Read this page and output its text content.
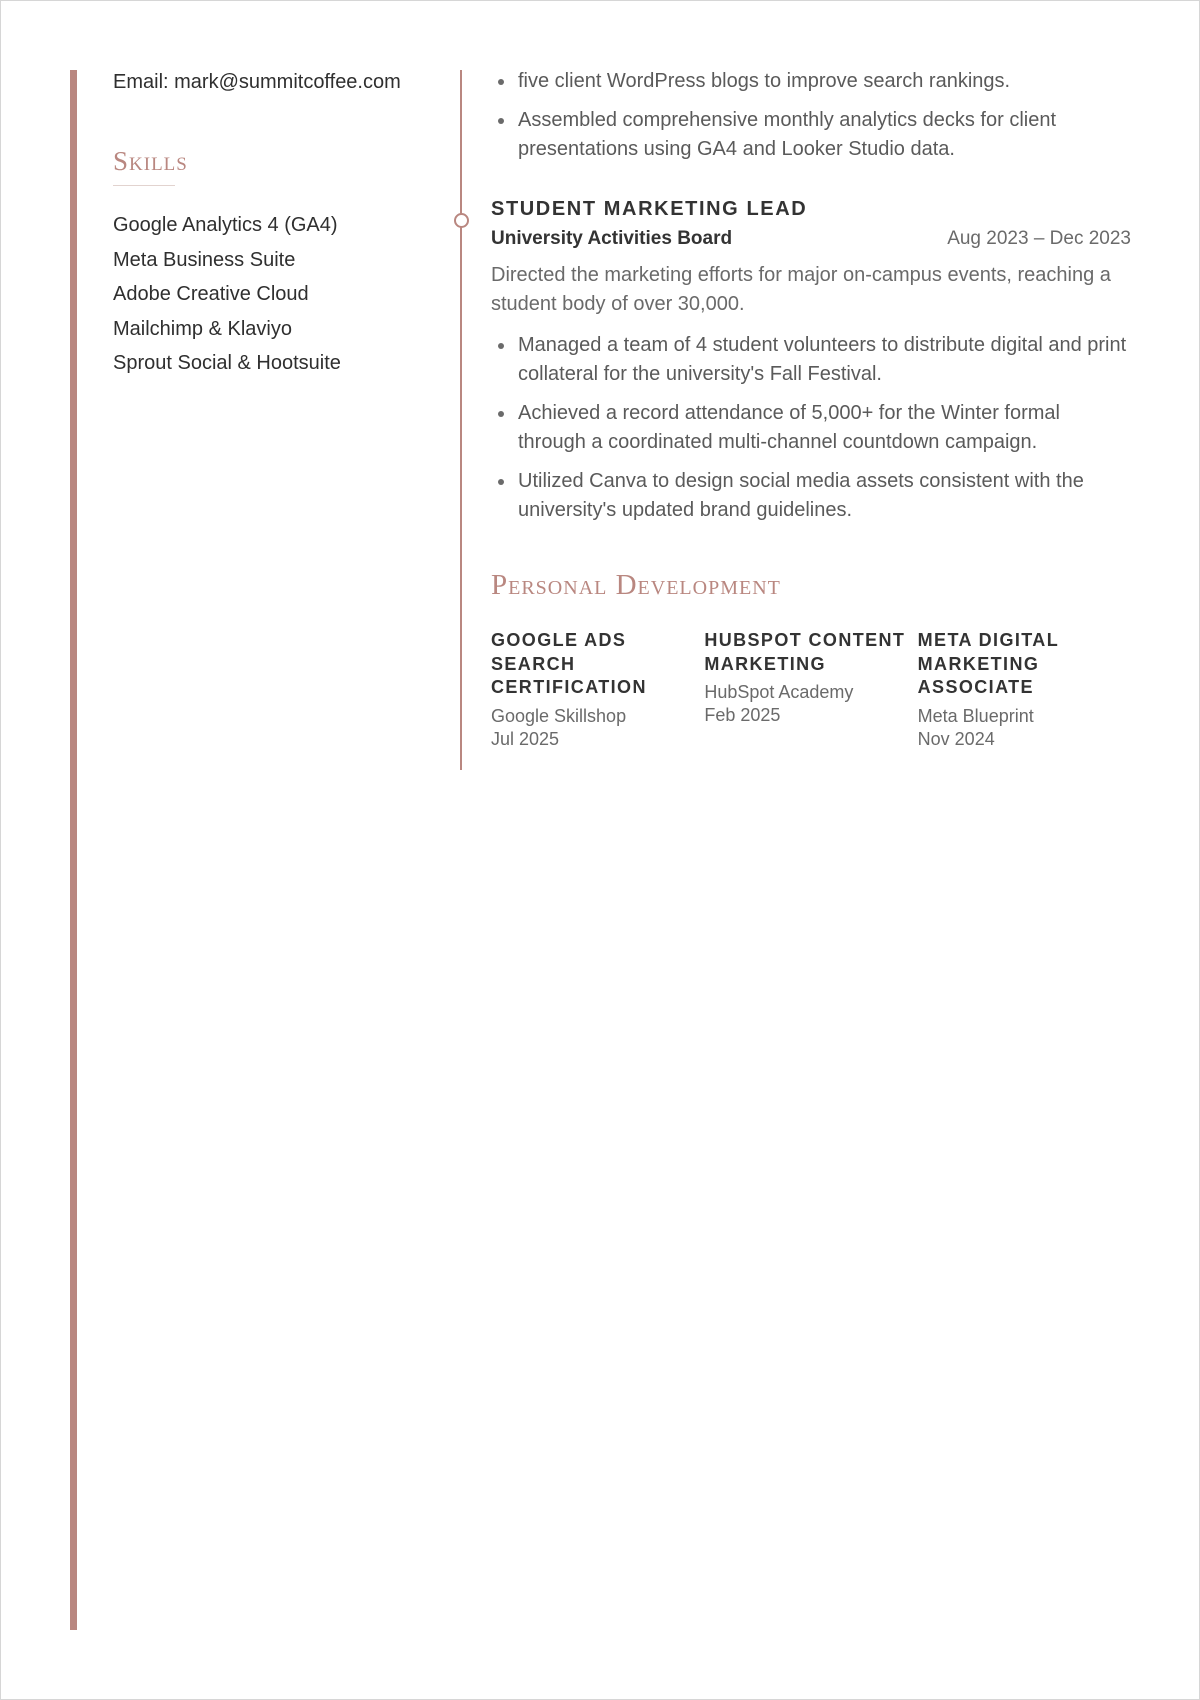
Email: mark@summitcoffee.com
Skills
Google Analytics 4 (GA4)
Meta Business Suite
Adobe Creative Cloud
Mailchimp & Klaviyo
Sprout Social & Hootsuite
five client WordPress blogs to improve search rankings.
Assembled comprehensive monthly analytics decks for client presentations using GA4 and Looker Studio data.
STUDENT MARKETING LEAD
University Activities Board	Aug 2023 – Dec 2023
Directed the marketing efforts for major on-campus events, reaching a student body of over 30,000.
Managed a team of 4 student volunteers to distribute digital and print collateral for the university's Fall Festival.
Achieved a record attendance of 5,000+ for the Winter formal through a coordinated multi-channel countdown campaign.
Utilized Canva to design social media assets consistent with the university's updated brand guidelines.
Personal Development
GOOGLE ADS SEARCH CERTIFICATION
Google Skillshop
Jul 2025
HUBSPOT CONTENT MARKETING
HubSpot Academy
Feb 2025
META DIGITAL MARKETING ASSOCIATE
Meta Blueprint
Nov 2024
